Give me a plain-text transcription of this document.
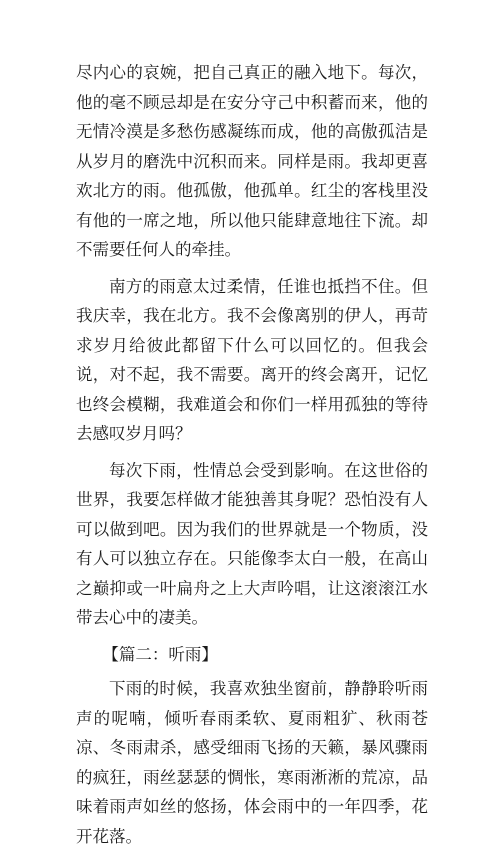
尽内心的哀婉，把自己真正的融入地下。每次，他的毫不顾忌却是在安分守己中积蓄而来，他的无情冷漠是多愁伤感凝练而成，他的高傲孤洁是从岁月的磨洗中沉积而来。同样是雨。我却更喜欢北方的雨。他孤傲，他孤单。红尘的客栈里没有他的一席之地，所以他只能肆意地往下流。却不需要任何人的牵挂。

南方的雨意太过柔情，任谁也抵挡不住。但我庆幸，我在北方。我不会像离别的伊人，再苛求岁月给彼此都留下什么可以回忆的。但我会说，对不起，我不需要。离开的终会离开，记忆也终会模糊，我难道会和你们一样用孤独的等待去感叹岁月吗？

每次下雨，性情总会受到影响。在这世俗的世界，我要怎样做才能独善其身呢？恐怕没有人可以做到吧。因为我们的世界就是一个物质，没有人可以独立存在。只能像李太白一般，在高山之巅抑或一叶扁舟之上大声吟唱，让这滚滚江水带去心中的凄美。

【篇二：听雨】

下雨的时候，我喜欢独坐窗前，静静聆听雨声的呢喃，倾听春雨柔软、夏雨粗犷、秋雨苍凉、冬雨肃杀，感受细雨飞扬的天籁，暴风骤雨的疯狂，雨丝瑟瑟的惆怅，寒雨淅淅的荒凉，品味着雨声如丝的悠扬，体会雨中的一年四季，花开花落。
